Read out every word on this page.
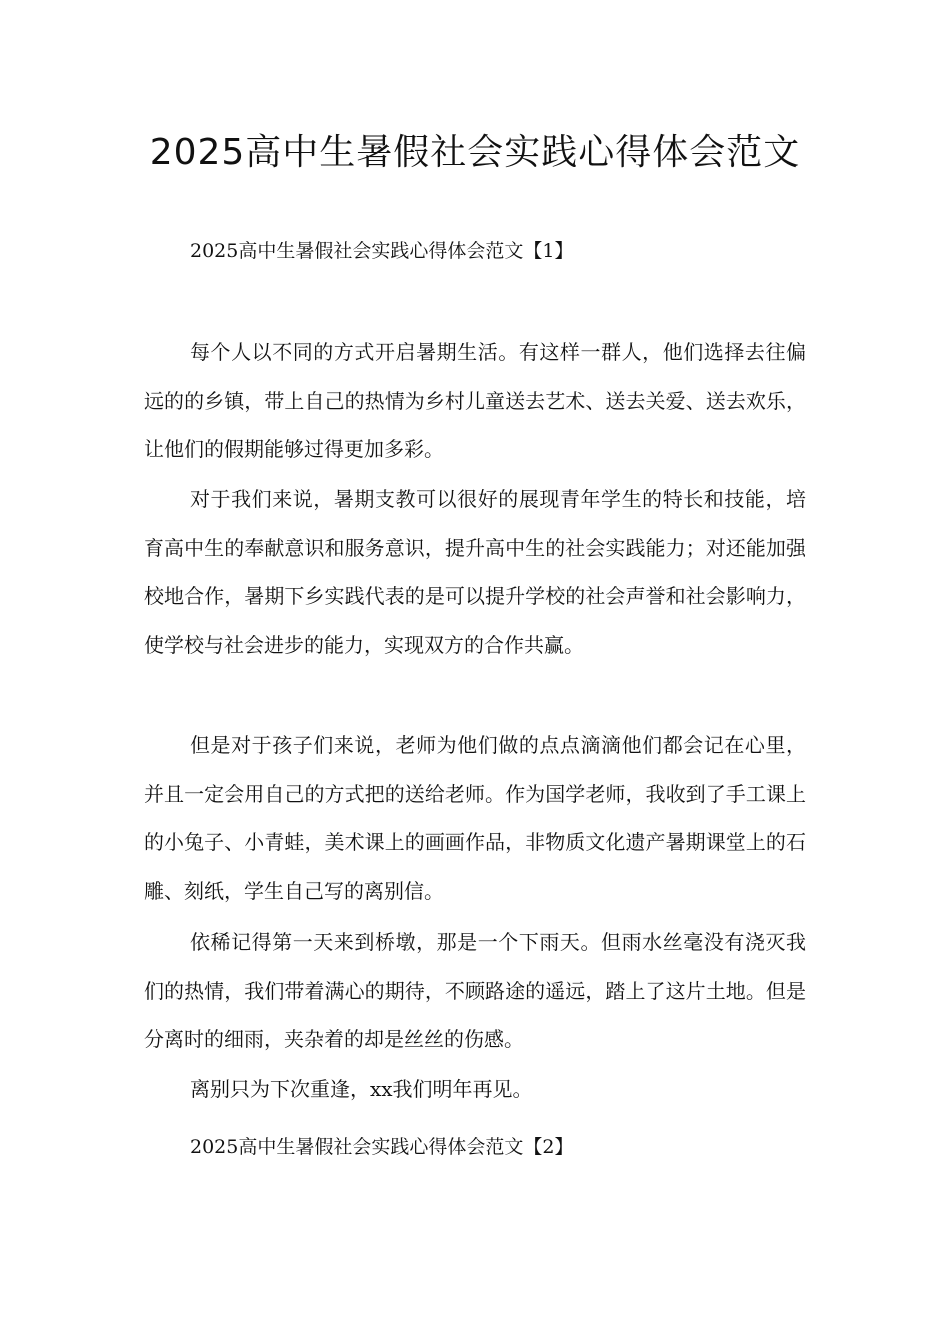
2025高中生暑假社会实践心得体会范文
2025高中生暑假社会实践心得体会范文【1】

每个人以不同的方式开启暑期生活。有这样一群人，他们选择去往偏远的的乡镇，带上自己的热情为乡村儿童送去艺术、送去关爱、送去欢乐，让他们的假期能够过得更加多彩。

对于我们来说，暑期支教可以很好的展现青年学生的特长和技能，培育高中生的奉献意识和服务意识，提升高中生的社会实践能力；对还能加强校地合作，暑期下乡实践代表的是可以提升学校的社会声誉和社会影响力，使学校与社会进步的能力，实现双方的合作共赢。

但是对于孩子们来说，老师为他们做的点点滴滴他们都会记在心里，并且一定会用自己的方式把的送给老师。作为国学老师，我收到了手工课上的小兔子、小青蛙，美术课上的画画作品，非物质文化遗产暑期课堂上的石雕、刻纸，学生自己写的离别信。

依稀记得第一天来到桥墩，那是一个下雨天。但雨水丝毫没有浇灭我们的热情，我们带着满心的期待，不顾路途的遥远，踏上了这片土地。但是分离时的细雨，夹杂着的却是丝丝的伤感。

离别只为下次重逢，xx我们明年再见。

2025高中生暑假社会实践心得体会范文【2】
